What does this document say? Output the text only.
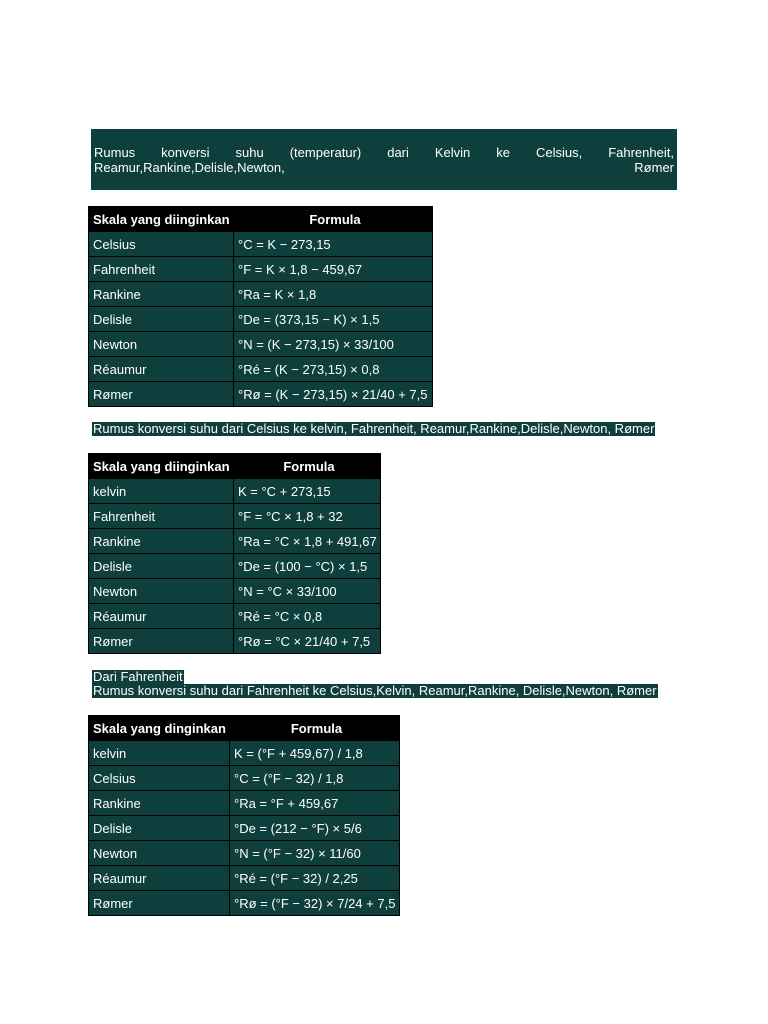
Rumus konversi suhu (temperatur) dari Kelvin ke Celsius, Fahrenheit,
Reamur,Rankine,Delisle,Newton,	Rømer
Skala yang diinginkan	Formula
Celsius	°C = K − 273,15
Fahrenheit	°F = K × 1,8 − 459,67
Rankine	°Ra = K × 1,8
Delisle	°De = (373,15 − K) × 1,5
Newton	°N = (K − 273,15) × 33/100
Réaumur	°Ré = (K − 273,15) × 0,8
Rømer	°Rø = (K − 273,15) × 21/40 + 7,5
Rumus konversi suhu dari Celsius ke kelvin, Fahrenheit, Reamur,Rankine,Delisle,Newton, Rømer
Skala yang diinginkan	Formula
kelvin	K = °C + 273,15
Fahrenheit	°F = °C × 1,8 + 32
Rankine	°Ra = °C × 1,8 + 491,67
Delisle	°De = (100 − °C) × 1,5
Newton	°N = °C × 33/100
Réaumur	°Ré = °C × 0,8
Rømer	°Rø = °C × 21/40 + 7,5
Dari Fahrenheit
Rumus konversi suhu dari Fahrenheit ke Celsius,Kelvin, Reamur,Rankine, Delisle,Newton, Rømer
Skala yang dinginkan	Formula
kelvin	K = (°F + 459,67) / 1,8
Celsius	°C = (°F − 32) / 1,8
Rankine	°Ra = °F + 459,67
Delisle	°De = (212 − °F) × 5/6
Newton	°N = (°F − 32) × 11/60
Réaumur	°Ré = (°F − 32) / 2,25
Rømer	°Rø = (°F − 32) × 7/24 + 7,5
